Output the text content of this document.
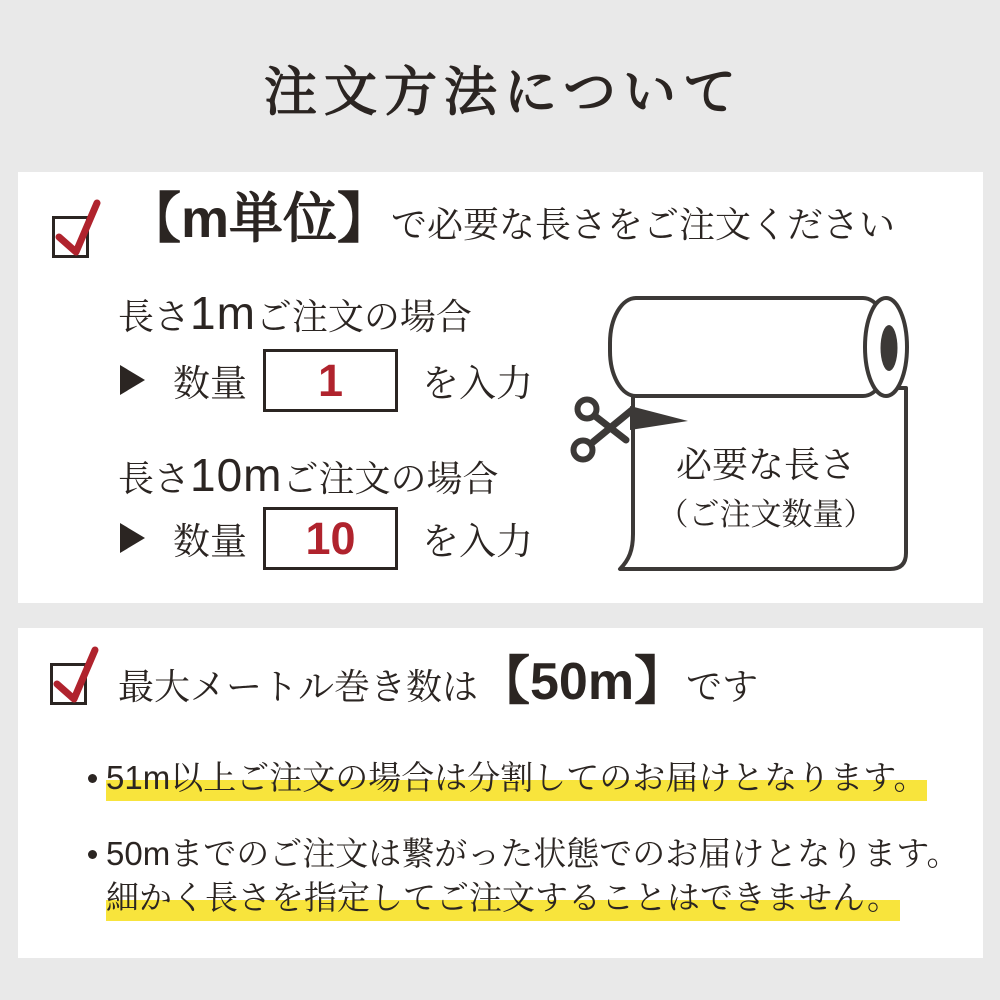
注文方法について
【m単位】 で必要な長さをご注文ください
長さ 1m ご注文の場合
数量 1 を入力
長さ 10m ご注文の場合
数量 10 を入力
必要な長さ
（ご注文数量）
最大メートル巻き数は 【50m】 です
51m以上ご注文の場合は分割してのお届けとなります。
50mまでのご注文は繋がった状態でのお届けとなります。
細かく長さを指定してご注文することはできません。
